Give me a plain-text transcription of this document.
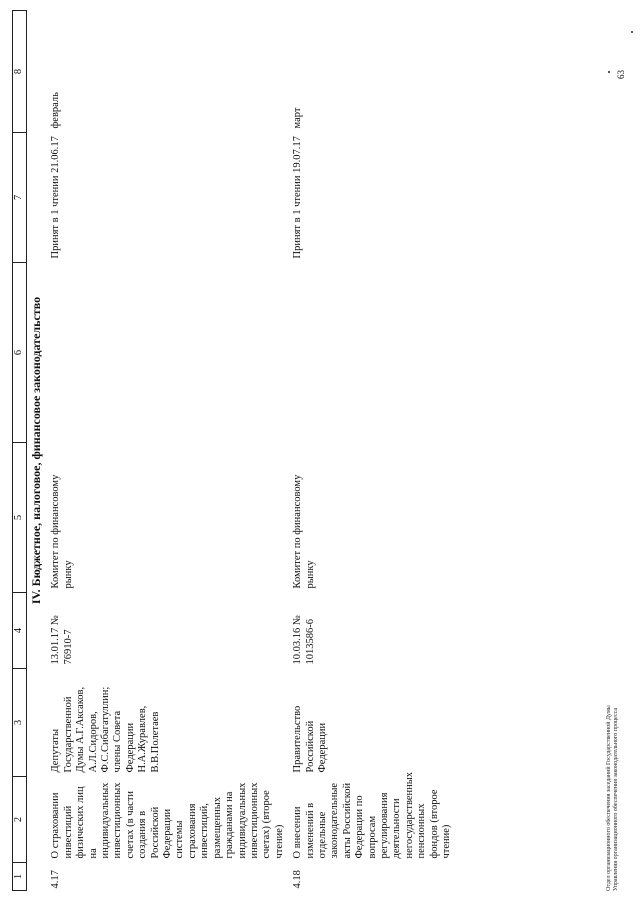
1	2	3	4	5	6	7	8
IV. Бюджетное, налоговое, финансовое законодательство							
4.17	О страховании инвестиций физических лиц на индивидуальных инвестиционных счетах (в части создания в Российской Федерации системы страхования инвестиций, размещенных гражданами на индивидуальных инвестиционных счетах) (второе чтение)	Депутаты Государственной Думы А.Г.Аксаков, А.Л.Сидоров, Ф.С.Сибагатуллин; члены Совета Федерации Н.А.Журавлев, В.В.Полетаев	13.01.17 № 76910-7	Комитет по финансовому рынку		Принят в 1 чтении 21.06.17	февраль
4.18	О внесении изменений в отдельные законодательные акты Российской Федерации по вопросам регулирования деятельности негосударственных пенсионных фондов (второе чтение)	Правительство Российской Федерации	10.03.16 № 1013586-6	Комитет по финансовому рынку		Принят в 1 чтении 19.07.17	март
Отдел организационного обеспечения заседаний Государственной Думы Управления организационного обеспечения законодательного процесса
63
